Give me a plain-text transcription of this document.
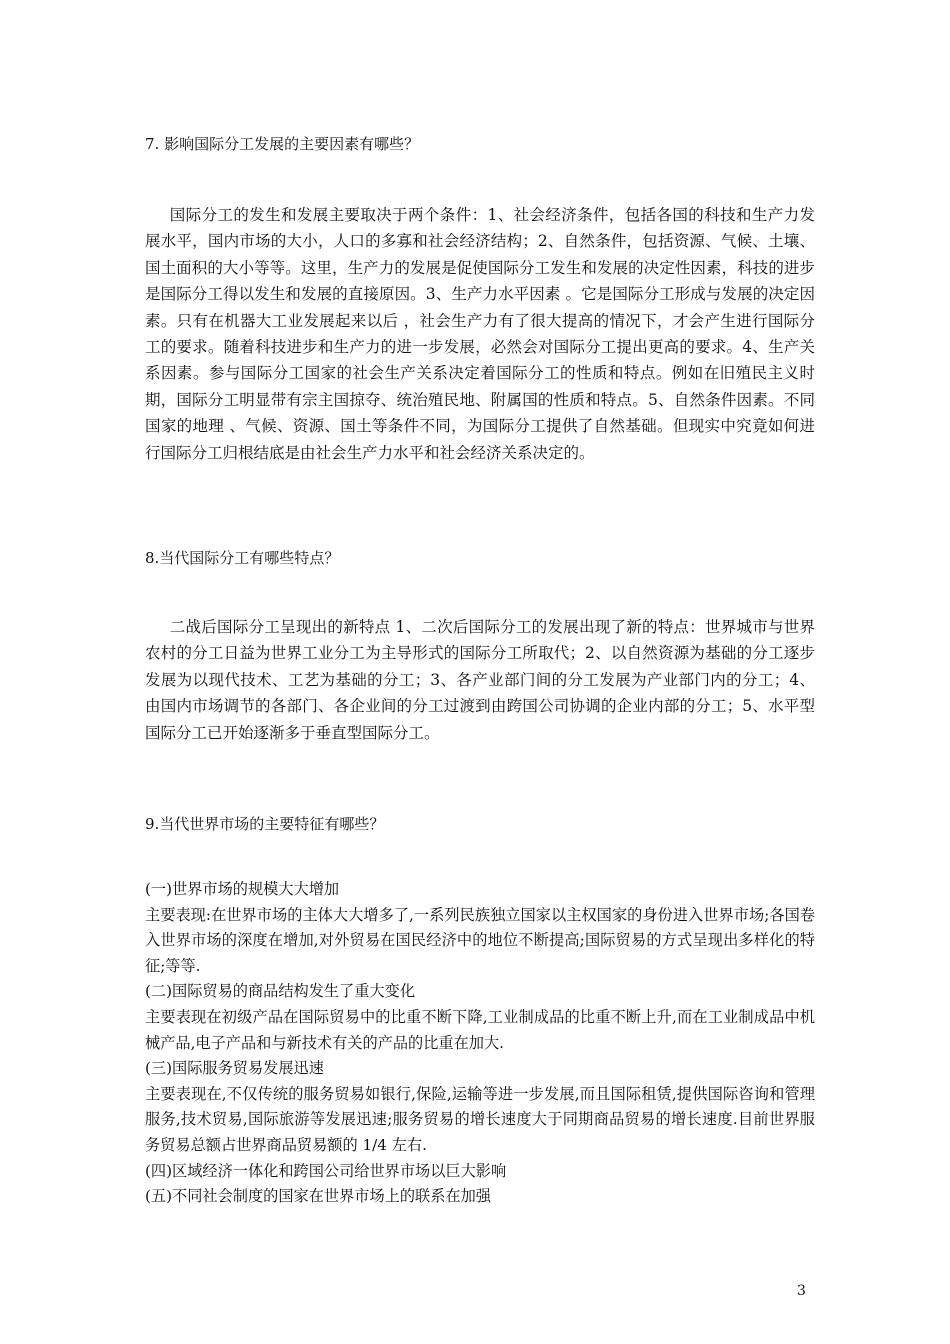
7. 影响国际分工发展的主要因素有哪些？

国际分工的发生和发展主要取决于两个条件：1、社会经济条件，包括各国的科技和生产力发展水平，国内市场的大小，人口的多寡和社会经济结构；2、自然条件，包括资源、气候、土壤、国土面积的大小等等。这里，生产力的发展是促使国际分工发生和发展的决定性因素，科技的进步是国际分工得以发生和发展的直接原因。3、生产力水平因素 。它是国际分工形成与发展的决定因素。只有在机器大工业发展起来以后 ，社会生产力有了很大提高的情况下，才会产生进行国际分工的要求。随着科技进步和生产力的进一步发展，必然会对国际分工提出更高的要求。4、生产关系因素。参与国际分工国家的社会生产关系决定着国际分工的性质和特点。例如在旧殖民主义时期，国际分工明显带有宗主国掠夺、统治殖民地、附属国的性质和特点。5、自然条件因素。不同国家的地理 、气候、资源、国土等条件不同，为国际分工提供了自然基础。但现实中究竟如何进行国际分工归根结底是由社会生产力水平和社会经济关系决定的。

8.当代国际分工有哪些特点？

二战后国际分工呈现出的新特点 1、二次后国际分工的发展出现了新的特点：世界城市与世界农村的分工日益为世界工业分工为主导形式的国际分工所取代；2、以自然资源为基础的分工逐步发展为以现代技术、工艺为基础的分工；3、各产业部门间的分工发展为产业部门内的分工；4、由国内市场调节的各部门、各企业间的分工过渡到由跨国公司协调的企业内部的分工；5、水平型国际分工已开始逐渐多于垂直型国际分工。

9.当代世界市场的主要特征有哪些？

(一)世界市场的规模大大增加

主要表现:在世界市场的主体大大增多了,一系列民族独立国家以主权国家的身份进入世界市场;各国卷入世界市场的深度在增加,对外贸易在国民经济中的地位不断提高;国际贸易的方式呈现出多样化的特征;等等.

(二)国际贸易的商品结构发生了重大变化

主要表现在初级产品在国际贸易中的比重不断下降,工业制成品的比重不断上升,而在工业制成品中机械产品,电子产品和与新技术有关的产品的比重在加大.

(三)国际服务贸易发展迅速

主要表现在,不仅传统的服务贸易如银行,保险,运输等进一步发展,而且国际租赁,提供国际咨询和管理服务,技术贸易,国际旅游等发展迅速;服务贸易的增长速度大于同期商品贸易的增长速度.目前世界服务贸易总额占世界商品贸易额的 1/4 左右.

(四)区域经济一体化和跨国公司给世界市场以巨大影响

(五)不同社会制度的国家在世界市场上的联系在加强

3
